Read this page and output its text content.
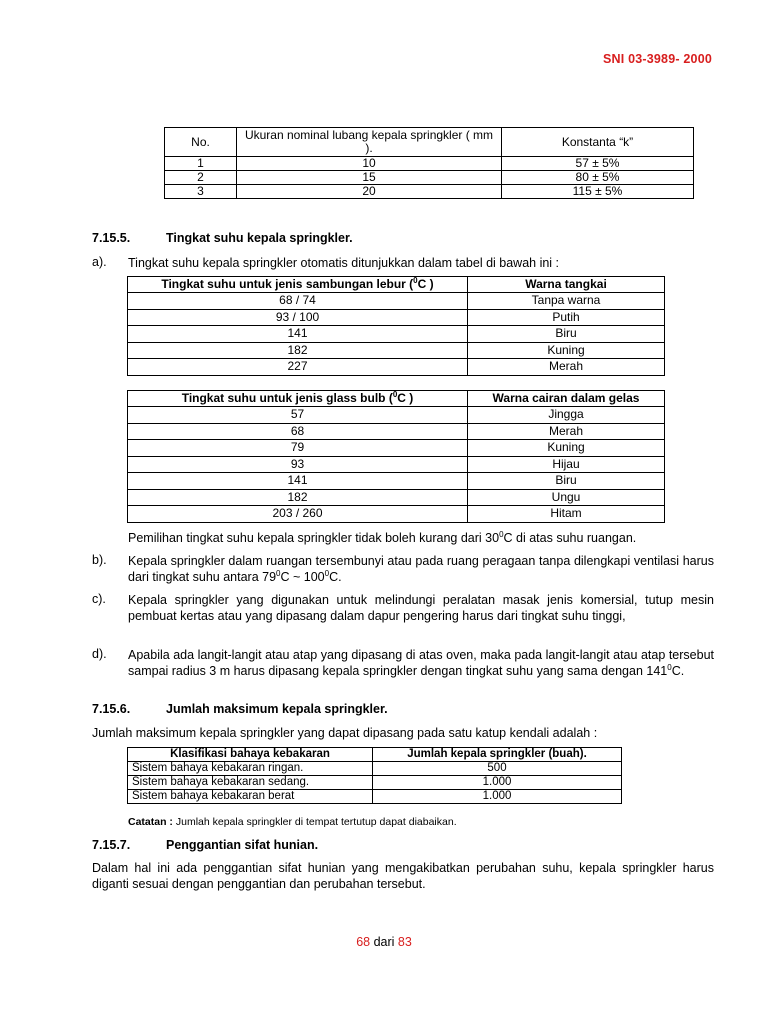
SNI 03-3989- 2000
No.	Ukuran nominal lubang kepala springkler ( mm ).	Konstanta “k”
1	10	57 ± 5%
2	15	80 ± 5%
3	20	115 ± 5%
7.15.5.	Tingkat suhu kepala springkler.
a). Tingkat suhu kepala springkler otomatis ditunjukkan dalam tabel di bawah ini :
Tingkat suhu untuk jenis sambungan lebur ($^0$C )	Warna tangkai
68 / 74	Tanpa warna
93 / 100	Putih
141	Biru
182	Kuning
227	Merah
Tingkat suhu untuk jenis glass bulb ($^0$C )	Warna cairan dalam gelas
57	Jingga
68	Merah
79	Kuning
93	Hijau
141	Biru
182	Ungu
203 / 260	Hitam
Pemilihan tingkat suhu kepala springkler tidak boleh kurang dari $30^0C$ di atas suhu ruangan.
b). Kepala springkler dalam ruangan tersembunyi atau pada ruang peragaan tanpa dilengkapi ventilasi harus dari tingkat suhu antara $79^0C$ ~ $100^0C$.
c). Kepala springkler yang digunakan untuk melindungi peralatan masak jenis komersial, tutup mesin pembuat kertas atau yang dipasang dalam dapur pengering harus dari tingkat suhu tinggi,
d). Apabila ada langit-langit atau atap yang dipasang di atas oven, maka pada langit-langit atau atap tersebut sampai radius 3 m harus dipasang kepala springkler dengan tingkat suhu yang sama dengan $141^0C$.
7.15.6.	Jumlah maksimum kepala springkler.
Jumlah maksimum kepala springkler yang dapat dipasang pada satu katup kendali adalah :
Klasifikasi bahaya kebakaran	Jumlah kepala springkler (buah).
Sistem bahaya kebakaran ringan.	500
Sistem bahaya kebakaran sedang.	1.000
Sistem bahaya kebakaran berat	1.000
Catatan : Jumlah kepala springkler di tempat tertutup dapat diabaikan.
7.15.7.	Penggantian sifat hunian.
Dalam hal ini ada penggantian sifat hunian yang mengakibatkan perubahan suhu, kepala springkler harus diganti sesuai dengan penggantian dan perubahan tersebut.
68 dari 83
